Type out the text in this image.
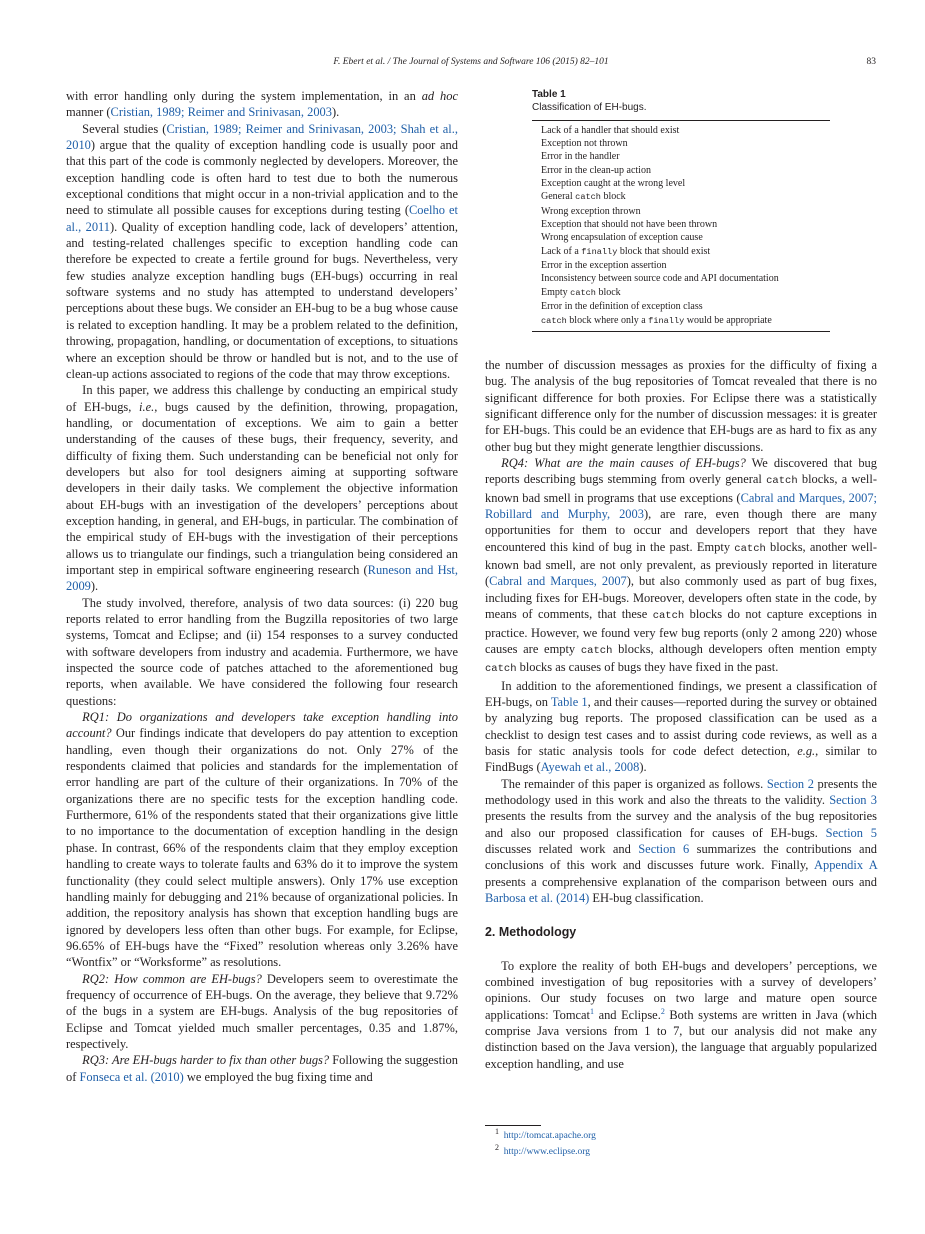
F. Ebert et al. / The Journal of Systems and Software 106 (2015) 82–101	83

with error handling only during the system implementation, in an ad hoc manner (Cristian, 1989; Reimer and Srinivasan, 2003).

Several studies (Cristian, 1989; Reimer and Srinivasan, 2003; Shah et al., 2010) argue that the quality of exception handling code is usually poor and that this part of the code is commonly neglected by developers. Moreover, the exception handling code is often hard to test due to both the numerous exceptional conditions that might occur in a non-trivial application and to the need to stimulate all possible causes for exceptions during testing (Coelho et al., 2011). Quality of exception handling code, lack of developers’ attention, and testing-related challenges specific to exception handling code can therefore be expected to create a fertile ground for bugs. Nevertheless, very few studies analyze exception handling bugs (EH-bugs) occurring in real software systems and no study has attempted to understand developers’ perceptions about these bugs. We consider an EH-bug to be a bug whose cause is related to exception handling. It may be a problem related to the definition, throwing, propagation, handling, or documentation of exceptions, to situations where an exception should be throw or handled but is not, and to the use of clean-up actions associated to regions of the code that may throw exceptions.

In this paper, we address this challenge by conducting an empirical study of EH-bugs, i.e., bugs caused by the definition, throwing, propagation, handling, or documentation of exceptions. We aim to gain a better understanding of the causes of these bugs, their frequency, severity, and difficulty of fixing them. Such understanding can be beneficial not only for developers but also for tool designers aiming at supporting software developers in their daily tasks. We complement the objective information about EH-bugs with an investigation of the developers’ perceptions about exception handing, in general, and EH-bugs, in particular. The combination of the empirical study of EH-bugs with the investigation of their perceptions allows us to triangulate our findings, such a triangulation being considered an important step in empirical software engineering research (Runeson and Hst, 2009).

The study involved, therefore, analysis of two data sources: (i) 220 bug reports related to error handling from the Bugzilla repositories of two large systems, Tomcat and Eclipse; and (ii) 154 responses to a survey conducted with software developers from industry and academia. Furthermore, we have inspected the source code of patches attached to the aforementioned bug reports, when available. We have considered the following four research questions:

RQ1: Do organizations and developers take exception handling into account? Our findings indicate that developers do pay attention to exception handling, even though their organizations do not. Only 27% of the respondents claimed that policies and standards for the implementation of error handling are part of the culture of their organizations. In 70% of the organizations there are no specific tests for the exception handling code. Furthermore, 61% of the respondents stated that their organizations give little to no importance to the documentation of exception handling in the design phase. In contrast, 66% of the respondents claim that they employ exception handling to create ways to tolerate faults and 63% do it to improve the system functionality (they could select multiple answers). Only 17% use exception handling mainly for debugging and 21% because of organizational policies. In addition, the repository analysis has shown that exception handling bugs are ignored by developers less often than other bugs. For example, for Eclipse, 96.65% of EH-bugs have the “Fixed” resolution whereas only 3.26% have “Wontfix” or “Worksforme” as resolutions.

RQ2: How common are EH-bugs? Developers seem to overestimate the frequency of occurrence of EH-bugs. On the average, they believe that 9.72% of the bugs in a system are EH-bugs. Analysis of the bug repositories of Eclipse and Tomcat yielded much smaller percentages, 0.35 and 1.87%, respectively.

RQ3: Are EH-bugs harder to fix than other bugs? Following the suggestion of Fonseca et al. (2010) we employed the bug fixing time and

Table 1
Classification of EH-bugs.
Lack of a handler that should exist
Exception not thrown
Error in the handler
Error in the clean-up action
Exception caught at the wrong level
General catch block
Wrong exception thrown
Exception that should not have been thrown
Wrong encapsulation of exception cause
Lack of a finally block that should exist
Error in the exception assertion
Inconsistency between source code and API documentation
Empty catch block
Error in the definition of exception class
catch block where only a finally would be appropriate

the number of discussion messages as proxies for the difficulty of fixing a bug. The analysis of the bug repositories of Tomcat revealed that there is no significant difference for both proxies. For Eclipse there was a statistically significant difference only for the number of discussion messages: it is greater for EH-bugs. This could be an evidence that EH-bugs are as hard to fix as any other bug but they might generate lengthier discussions.

RQ4: What are the main causes of EH-bugs? We discovered that bug reports describing bugs stemming from overly general catch blocks, a well-known bad smell in programs that use exceptions (Cabral and Marques, 2007; Robillard and Murphy, 2003), are rare, even though there are many opportunities for them to occur and developers report that they have encountered this kind of bug in the past. Empty catch blocks, another well-known bad smell, are not only prevalent, as previously reported in literature (Cabral and Marques, 2007), but also commonly used as part of bug fixes, including fixes for EH-bugs. Moreover, developers often state in the code, by means of comments, that these catch blocks do not capture exceptions in practice. However, we found very few bug reports (only 2 among 220) whose causes are empty catch blocks, although developers often mention empty catch blocks as causes of bugs they have fixed in the past.

In addition to the aforementioned findings, we present a classification of EH-bugs, on Table 1, and their causes—reported during the survey or obtained by analyzing bug reports. The proposed classification can be used as a checklist to design test cases and to assist during code reviews, as well as a basis for static analysis tools for code defect detection, e.g., similar to FindBugs (Ayewah et al., 2008).

The remainder of this paper is organized as follows. Section 2 presents the methodology used in this work and also the threats to the validity. Section 3 presents the results from the survey and the analysis of the bug repositories and also our proposed classification for causes of EH-bugs. Section 5 discusses related work and Section 6 summarizes the contributions and conclusions of this work and discusses future work. Finally, Appendix A presents a comprehensive explanation of the comparison between ours and Barbosa et al. (2014) EH-bug classification.

2. Methodology

To explore the reality of both EH-bugs and developers’ perceptions, we combined investigation of bug repositories with a survey of developers’ opinions. Our study focuses on two large and mature open source applications: Tomcat$^1$ and Eclipse.$^2$ Both systems are written in Java (which comprise Java versions from 1 to 7, but our analysis did not make any distinction based on the Java version), the language that arguably popularized exception handling, and use

$^1$ http://tomcat.apache.org
$^2$ http://www.eclipse.org
